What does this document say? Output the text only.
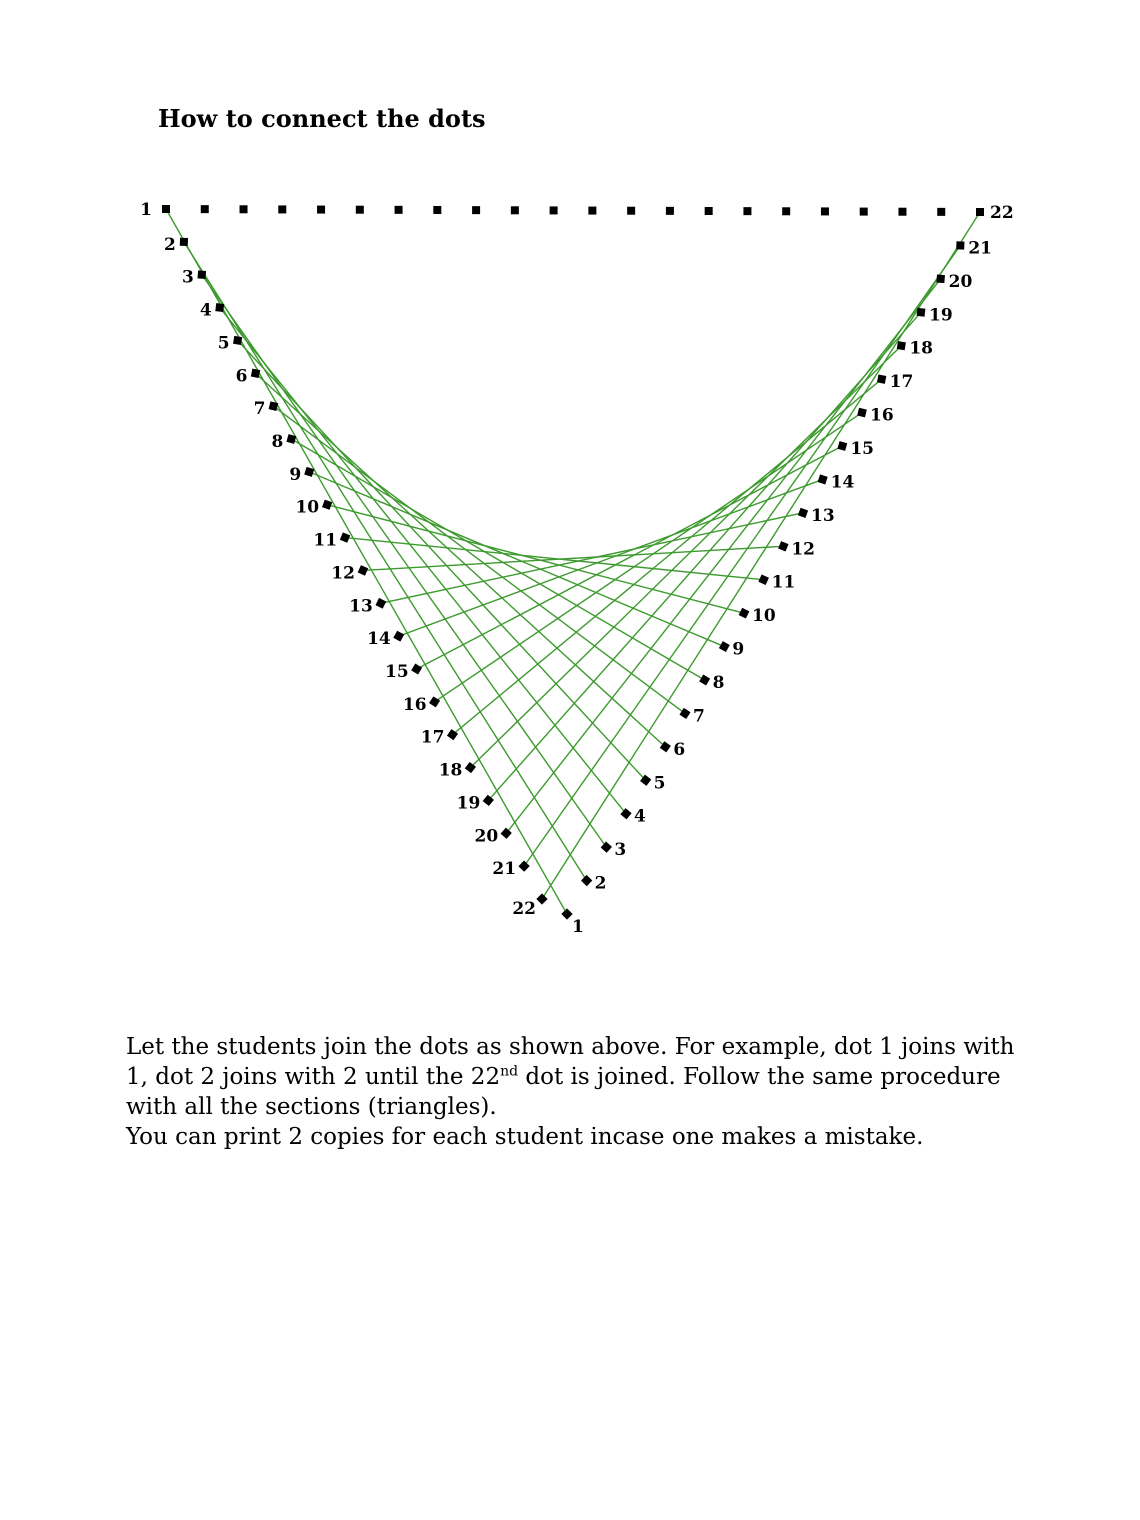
How to connect the dots
1
2
3
4
5
6
7
8
9
10
11
12
13
14
15
16
17
18
19
20
21
22
1
2
3
4
5
6
7
8
9
10
11
12
13
14
15
16
17
18
19
20
21
22

Let the students join the dots as shown above. For example, dot 1 joins with 1, dot 2 joins with 2 until the 22nd dot is joined. Follow the same procedure with all the sections (triangles).

You can print 2 copies for each student incase one makes a mistake.
